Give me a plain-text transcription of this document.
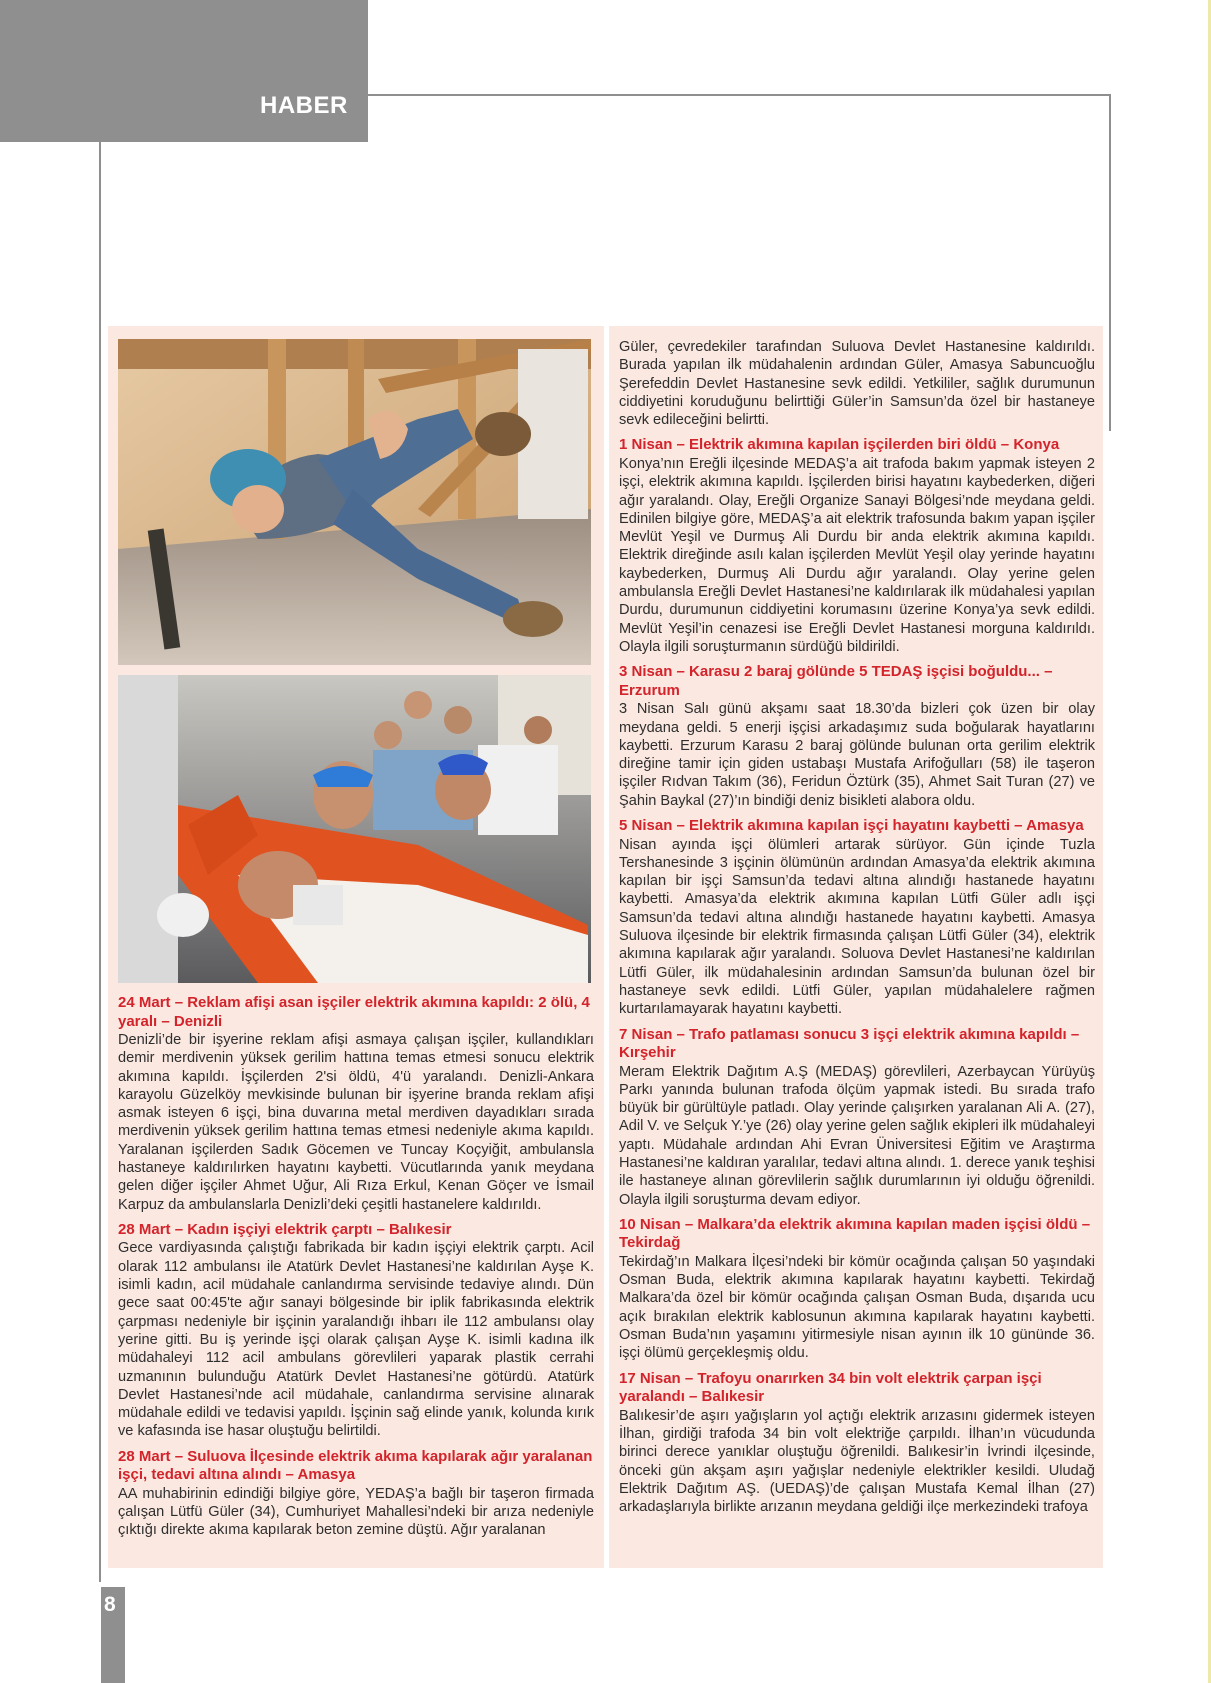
HABER

24 Mart – Reklam afişi asan işçiler elektrik akımına kapıldı: 2 ölü, 4 yaralı – Denizli

Denizli’de bir işyerine reklam afişi asmaya çalışan işçiler, kullandıkları demir merdivenin yüksek gerilim hattına temas etmesi sonucu elektrik akımına kapıldı. İşçilerden 2'si öldü, 4'ü yaralandı. Denizli-Ankara karayolu Güzelköy mevkisinde bulunan bir işyerine branda reklam afişi asmak isteyen 6 işçi, bina duvarına metal merdiven dayadıkları sırada merdivenin yüksek gerilim hattına temas etmesi nedeniyle akıma kapıldı. Yaralanan işçilerden Sadık Göcemen ve Tuncay Koçyiğit, ambulansla hastaneye kaldırılırken hayatını kaybetti. Vücutlarında yanık meydana gelen diğer işçiler Ahmet Uğur, Ali Rıza Erkul, Kenan Göçer ve İsmail Karpuz da ambulanslarla Denizli’deki çeşitli hastanelere kaldırıldı.

28 Mart – Kadın işçiyi elektrik çarptı – Balıkesir

Gece vardiyasında çalıştığı fabrikada bir kadın işçiyi elektrik çarptı. Acil olarak 112 ambulansı ile Atatürk Devlet Hastanesi’ne kaldırılan Ayşe K. isimli kadın, acil müdahale canlandırma servisinde tedaviye alındı. Dün gece saat 00:45'te ağır sanayi bölgesinde bir iplik fabrikasında elektrik çarpması nedeniyle bir işçinin yaralandığı ihbarı ile 112 ambulansı olay yerine gitti. Bu iş yerinde işçi olarak çalışan Ayşe K. isimli kadına ilk müdahaleyi 112 acil ambulans görevlileri yaparak plastik cerrahi uzmanının bulunduğu Atatürk Devlet Hastanesi’ne götürdü. Atatürk Devlet Hastanesi’nde acil müdahale, canlandırma servisine alınarak müdahale edildi ve tedavisi yapıldı. İşçinin sağ elinde yanık, kolunda kırık ve kafasında ise hasar oluştuğu belirtildi.

28 Mart – Suluova İlçesinde elektrik akıma kapılarak ağır yaralanan işçi, tedavi altına alındı – Amasya

AA muhabirinin edindiği bilgiye göre, YEDAŞ’a bağlı bir taşeron firmada çalışan Lütfü Güler (34), Cumhuriyet Mahallesi’ndeki bir arıza nedeniyle çıktığı direkte akıma kapılarak beton zemine düştü. Ağır yaralanan

Güler, çevredekiler tarafından Suluova Devlet Hastanesine kaldırıldı. Burada yapılan ilk müdahalenin ardından Güler, Amasya Sabuncuoğlu Şerefeddin Devlet Hastanesine sevk edildi. Yetkililer, sağlık durumunun ciddiyetini koruduğunu belirttiği Güler’in Samsun’da özel bir hastaneye sevk edileceğini belirtti.

1 Nisan – Elektrik akımına kapılan işçilerden biri öldü – Konya

Konya’nın Ereğli ilçesinde MEDAŞ’a ait trafoda bakım yapmak isteyen 2 işçi, elektrik akımına kapıldı. İşçilerden birisi hayatını kaybederken, diğeri ağır yaralandı. Olay, Ereğli Organize Sanayi Bölgesi’nde meydana geldi. Edinilen bilgiye göre, MEDAŞ’a ait elektrik trafosunda bakım yapan işçiler Mevlüt Yeşil ve Durmuş Ali Durdu bir anda elektrik akımına kapıldı. Elektrik direğinde asılı kalan işçilerden Mevlüt Yeşil olay yerinde hayatını kaybederken, Durmuş Ali Durdu ağır yaralandı. Olay yerine gelen ambulansla Ereğli Devlet Hastanesi’ne kaldırılarak ilk müdahalesi yapılan Durdu, durumunun ciddiyetini korumasını üzerine Konya’ya sevk edildi. Mevlüt Yeşil’in cenazesi ise Ereğli Devlet Hastanesi morguna kaldırıldı. Olayla ilgili soruşturmanın sürdüğü bildirildi.

3 Nisan – Karasu 2 baraj gölünde 5 TEDAŞ işçisi boğuldu... – Erzurum

3 Nisan Salı günü akşamı saat 18.30’da bizleri çok üzen bir olay meydana geldi. 5 enerji işçisi arkadaşımız suda boğularak hayatlarını kaybetti. Erzurum Karasu 2 baraj gölünde bulunan orta gerilim elektrik direğine tamir için giden ustabaşı Mustafa Arifoğulları (58) ile taşeron işçiler Rıdvan Takım (36), Feridun Öztürk (35), Ahmet Sait Turan (27) ve Şahin Baykal (27)’ın bindiği deniz bisikleti alabora oldu.

5 Nisan – Elektrik akımına kapılan işçi hayatını kaybetti – Amasya

Nisan ayında işçi ölümleri artarak sürüyor. Gün içinde Tuzla Tershanesinde 3 işçinin ölümünün ardından Amasya’da elektrik akımına kapılan bir işçi Samsun’da tedavi altına alındığı hastanede hayatını kaybetti. Amasya’da elektrik akımına kapılan Lütfi Güler adlı işçi Samsun’da tedavi altına alındığı hastanede hayatını kaybetti. Amasya Suluova ilçesinde bir elektrik firmasında çalışan Lütfi Güler (34), elektrik akımına kapılarak ağır yaralandı. Soluova Devlet Hastanesi’ne kaldırılan Lütfi Güler, ilk müdahalesinin ardından Samsun’da bulunan özel bir hastaneye sevk edildi. Lütfi Güler, yapılan müdahalelere rağmen kurtarılamayarak hayatını kaybetti.

7 Nisan – Trafo patlaması sonucu 3 işçi elektrik akımına kapıldı – Kırşehir

Meram Elektrik Dağıtım A.Ş (MEDAŞ) görevlileri, Azerbaycan Yürüyüş Parkı yanında bulunan trafoda ölçüm yapmak istedi. Bu sırada trafo büyük bir gürültüyle patladı. Olay yerinde çalışırken yaralanan Ali A. (27), Adil V. ve Selçuk Y.’ye (26) olay yerine gelen sağlık ekipleri ilk müdahaleyi yaptı. Müdahale ardından Ahi Evran Üniversitesi Eğitim ve Araştırma Hastanesi’ne kaldıran yaralılar, tedavi altına alındı. 1. derece yanık teşhisi ile hastaneye alınan görevlilerin sağlık durumlarının iyi olduğu öğrenildi. Olayla ilgili soruşturma devam ediyor.

10 Nisan – Malkara’da elektrik akımına kapılan maden işçisi öldü – Tekirdağ

Tekirdağ’ın Malkara İlçesi’ndeki bir kömür ocağında çalışan 50 yaşındaki Osman Buda, elektrik akımına kapılarak hayatını kaybetti. Tekirdağ Malkara’da özel bir kömür ocağında çalışan Osman Buda, dışarıda ucu açık bırakılan elektrik kablosunun akımına kapılarak hayatını kaybetti. Osman Buda’nın yaşamını yitirmesiyle nisan ayının ilk 10 gününde 36. işçi ölümü gerçekleşmiş oldu.

17 Nisan – Trafoyu onarırken 34 bin volt elektrik çarpan işçi yaralandı – Balıkesir

Balıkesir’de aşırı yağışların yol açtığı elektrik arızasını gidermek isteyen İlhan, girdiği trafoda 34 bin volt elektriğe çarpıldı. İlhan’ın vücudunda birinci derece yanıklar oluştuğu öğrenildi. Balıkesir’in İvrindi ilçesinde, önceki gün akşam aşırı yağışlar nedeniyle elektrikler kesildi. Uludağ Elektrik Dağıtım AŞ. (UEDAŞ)’de çalışan Mustafa Kemal İlhan (27) arkadaşlarıyla birlikte arızanın meydana geldiği ilçe merkezindeki trafoya

8
